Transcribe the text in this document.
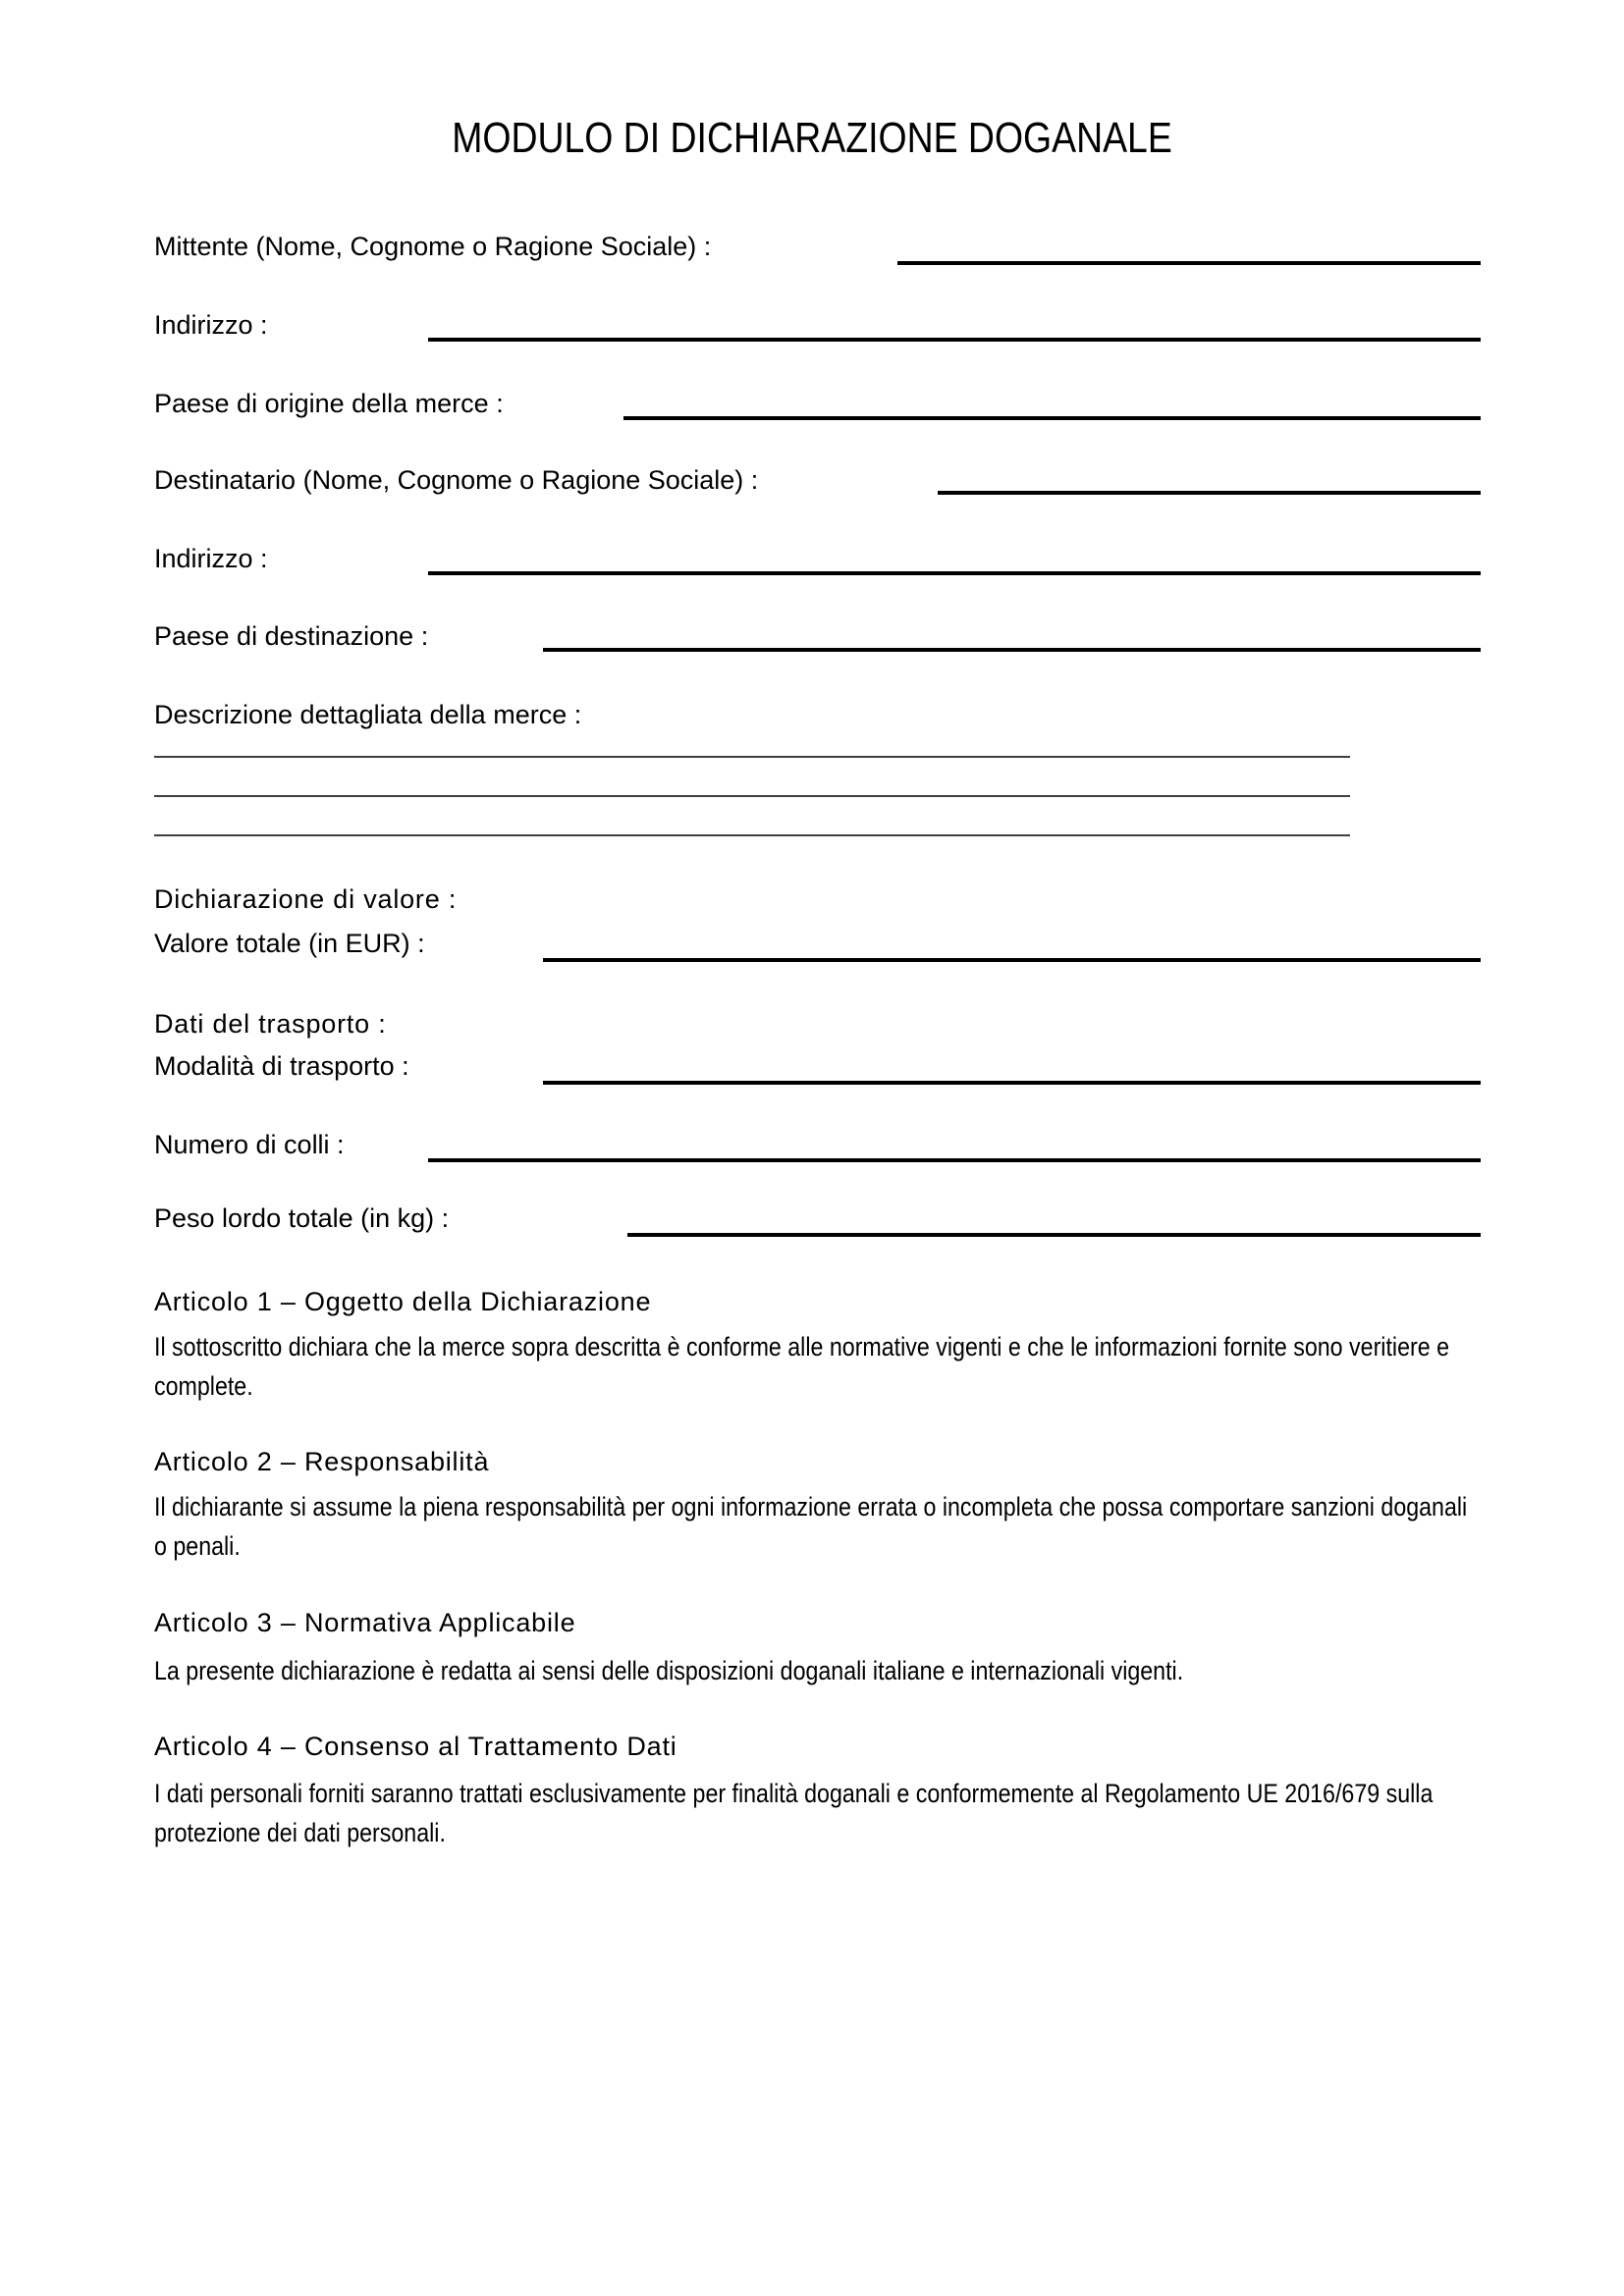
MODULO DI DICHIARAZIONE DOGANALE
Mittente (Nome, Cognome o Ragione Sociale) :
Indirizzo :
Paese di origine della merce :
Destinatario (Nome, Cognome o Ragione Sociale) :
Indirizzo :
Paese di destinazione :
Descrizione dettagliata della merce :
Dichiarazione di valore :
Valore totale (in EUR) :
Dati del trasporto :
Modalità di trasporto :
Numero di colli :
Peso lordo totale (in kg) :
Articolo 1 – Oggetto della Dichiarazione
Il sottoscritto dichiara che la merce sopra descritta è conforme alle normative vigenti e che le informazioni fornite sono veritiere e complete.
Articolo 2 – Responsabilità
Il dichiarante si assume la piena responsabilità per ogni informazione errata o incompleta che possa comportare sanzioni doganali o penali.
Articolo 3 – Normativa Applicabile
La presente dichiarazione è redatta ai sensi delle disposizioni doganali italiane e internazionali vigenti.
Articolo 4 – Consenso al Trattamento Dati
I dati personali forniti saranno trattati esclusivamente per finalità doganali e conformemente al Regolamento UE 2016/679 sulla protezione dei dati personali.
